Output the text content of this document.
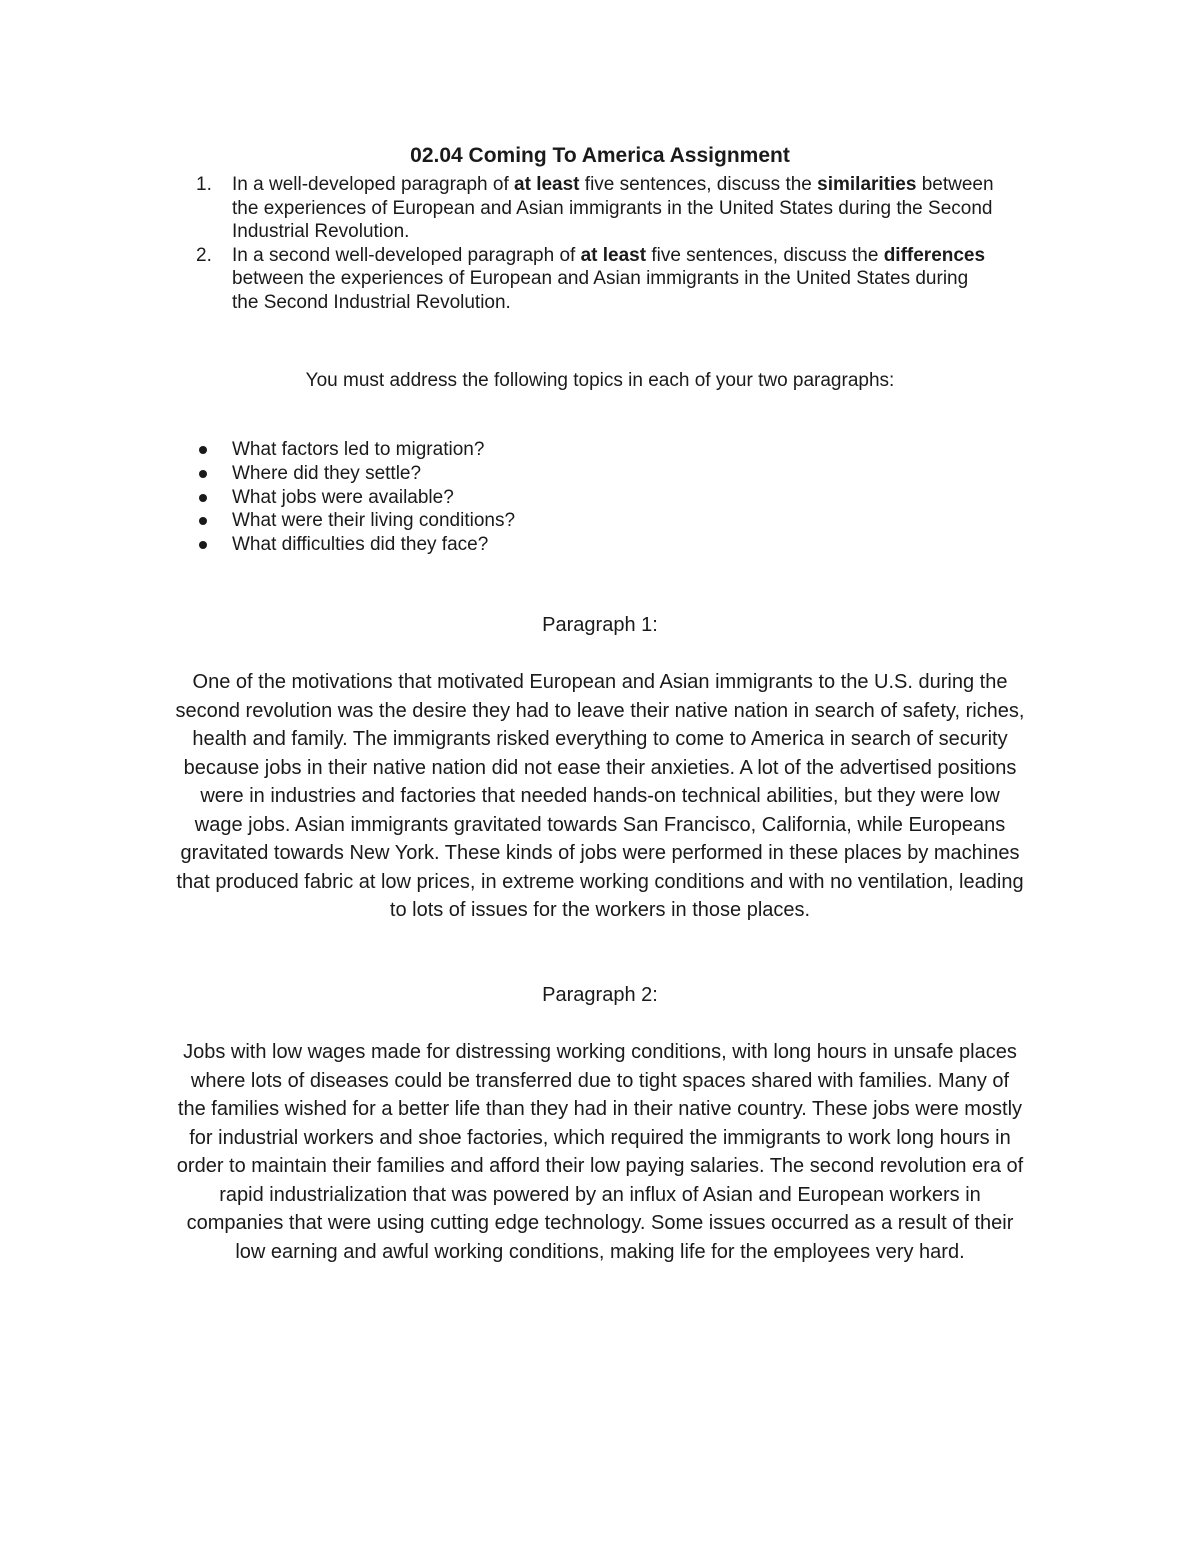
02.04 Coming To America Assignment
1. In a well-developed paragraph of at least five sentences, discuss the similarities between
the experiences of European and Asian immigrants in the United States during the Second
Industrial Revolution.
2. In a second well-developed paragraph of at least five sentences, discuss the differences
between the experiences of European and Asian immigrants in the United States during
the Second Industrial Revolution.
You must address the following topics in each of your two paragraphs:
What factors led to migration?
Where did they settle?
What jobs were available?
What were their living conditions?
What difficulties did they face?
Paragraph 1:

One of the motivations that motivated European and Asian immigrants to the U.S. during the
second revolution was the desire they had to leave their native nation in search of safety, riches,
health and family. The immigrants risked everything to come to America in search of security
because jobs in their native nation did not ease their anxieties. A lot of the advertised positions
were in industries and factories that needed hands-on technical abilities, but they were low
wage jobs. Asian immigrants gravitated towards San Francisco, California, while Europeans
gravitated towards New York. These kinds of jobs were performed in these places by machines
that produced fabric at low prices, in extreme working conditions and with no ventilation, leading
to lots of issues for the workers in those places.

Paragraph 2:

Jobs with low wages made for distressing working conditions, with long hours in unsafe places
where lots of diseases could be transferred due to tight spaces shared with families. Many of
the families wished for a better life than they had in their native country. These jobs were mostly
for industrial workers and shoe factories, which required the immigrants to work long hours in
order to maintain their families and afford their low paying salaries. The second revolution era of
rapid industrialization that was powered by an influx of Asian and European workers in
companies that were using cutting edge technology. Some issues occurred as a result of their
low earning and awful working conditions, making life for the employees very hard.
